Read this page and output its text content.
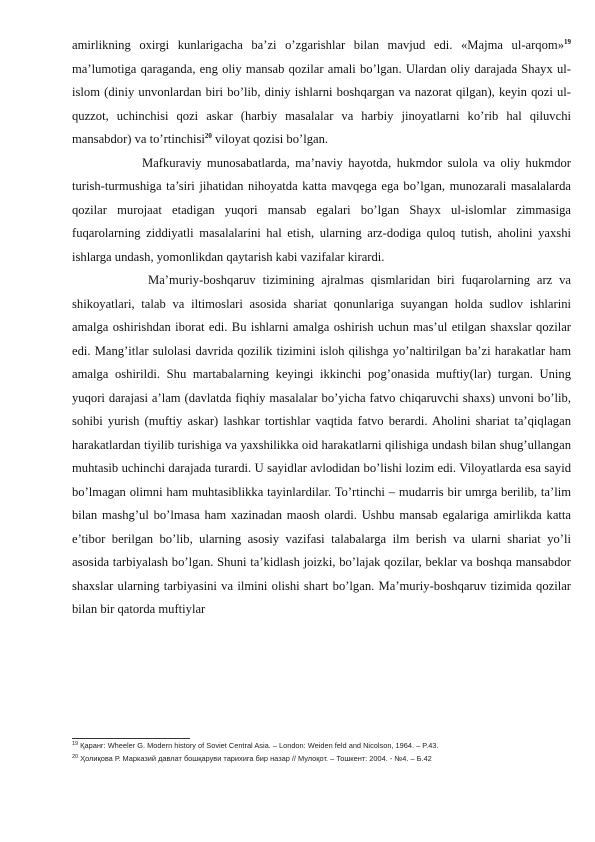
amirlikning oxirgi kunlarigacha ba’zi o’zgarishlar bilan mavjud edi. «Majma ul-arqom»$^{19}$ ma’lumotiga qaraganda, eng oliy mansab qozilar amali bo’lgan. Ulardan oliy darajada Shayx ul-islom (diniy unvonlardan biri bo’lib, diniy ishlarni boshqargan va nazorat qilgan), keyin qozi ul-quzzot, uchinchisi qozi askar (harbiy masalalar va harbiy jinoyatlarni ko’rib hal qiluvchi mansabdor) va to’rtinchisi$^{20}$ viloyat qozisi bo’lgan.

Mafkuraviy munosabatlarda, ma’naviy hayotda, hukmdor sulola va oliy hukmdor turish-turmushiga ta’siri jihatidan nihoyatda katta mavqega ega bo’lgan, munozarali masalalarda qozilar murojaat etadigan yuqori mansab egalari bo’lgan Shayx ul-islomlar zimmasiga fuqarolarning ziddiyatli masalalarini hal etish, ularning arz-dodiga quloq tutish, aholini yaxshi ishlarga undash, yomonlikdan qaytarish kabi vazifalar kirardi.

Ma’muriy-boshqaruv tizimining ajralmas qismlaridan biri fuqarolarning arz va shikoyatlari, talab va iltimoslari asosida shariat qonunlariga suyangan holda sudlov ishlarini amalga oshirishdan iborat edi. Bu ishlarni amalga oshirish uchun mas’ul etilgan shaxslar qozilar edi. Mang’itlar sulolasi davrida qozilik tizimini isloh qilishga yo’naltirilgan ba’zi harakatlar ham amalga oshirildi. Shu martabalarning keyingi ikkinchi pog’onasida muftiy(lar) turgan. Uning yuqori darajasi a’lam (davlatda fiqhiy masalalar bo’yicha fatvo chiqaruvchi shaxs) unvoni bo’lib, sohibi yurish (muftiy askar) lashkar tortishlar vaqtida fatvo berardi. Aholini shariat ta’qiqlagan harakatlardan tiyilib turishiga va yaxshilikka oid harakatlarni qilishiga undash bilan shug’ullangan muhtasib uchinchi darajada turardi. U sayidlar avlodidan bo’lishi lozim edi. Viloyatlarda esa sayid bo’lmagan olimni ham muhtasiblikka tayinlardilar. To’rtinchi – mudarris bir umrga berilib, ta’lim bilan mashg’ul bo’lmasa ham xazinadan maosh olardi. Ushbu mansab egalariga amirlikda katta e’tibor berilgan bo’lib, ularning asosiy vazifasi talabalarga ilm berish va ularni shariat yo’li asosida tarbiyalash bo’lgan. Shuni ta’kidlash joizki, bo’lajak qozilar, beklar va boshqa mansabdor shaxslar ularning tarbiyasini va ilmini olishi shart bo’lgan. Ma’muriy-boshqaruv tizimida qozilar bilan bir qatorda muftiylar

$^{19}$ Қаранг: Wheeler G. Modern history of Soviet Central Asia. – London: Weiden feld and Nicolson, 1964. – P.43.
$^{20}$ Ҳолиқова Р. Марказий давлат бошқаруви тарихига бир назар // Мулоқот. – Тошкент: 2004. - №4. – Б.42
